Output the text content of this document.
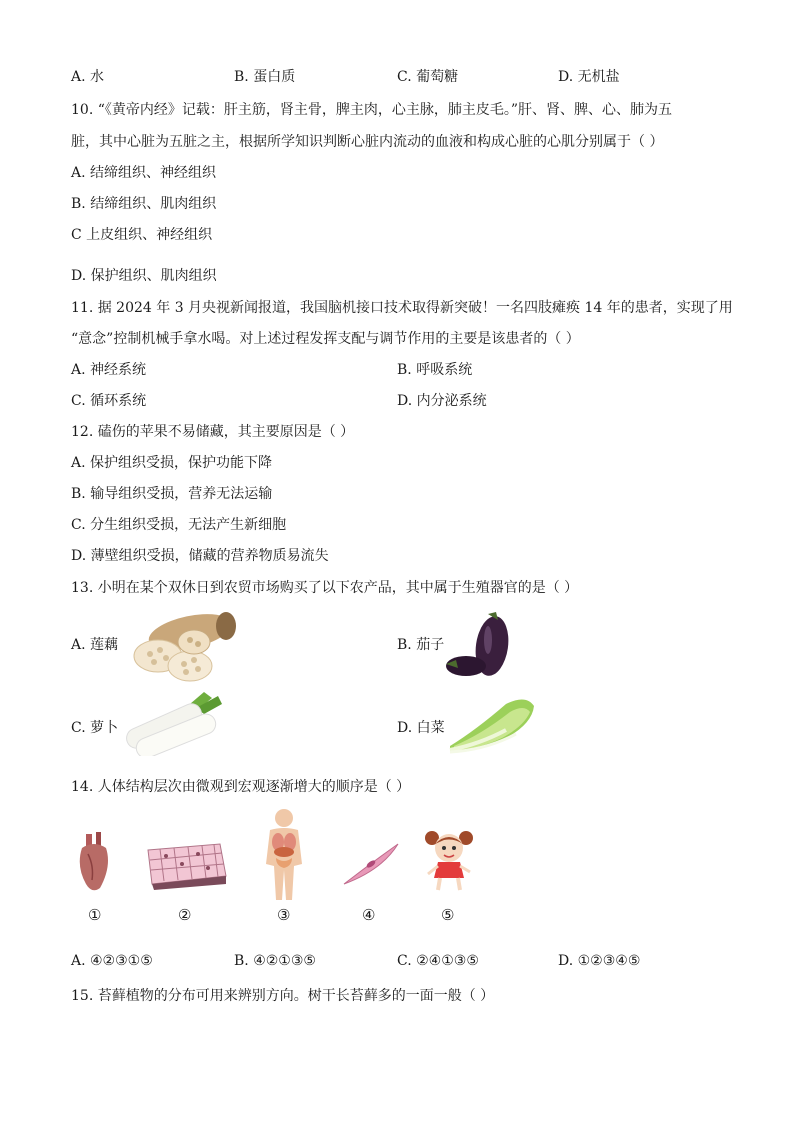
A. 水	B. 蛋白质	C. 葡萄糖	D. 无机盐
10. “《黄帝内经》记载：肝主筋，肾主骨，脾主肉，心主脉，肺主皮毛。”肝、肾、脾、心、肺为五
脏，其中心脏为五脏之主，根据所学知识判断心脏内流动的血液和构成心脏的心肌分别属于（ ）
A. 结缔组织、神经组织
B. 结缔组织、肌肉组织
C 上皮组织、神经组织
D. 保护组织、肌肉组织
11. 据 2024 年 3 月央视新闻报道，我国脑机接口技术取得新突破！一名四肢瘫痪 14 年的患者，实现了用
“意念”控制机械手拿水喝。对上述过程发挥支配与调节作用的主要是该患者的（ ）
A. 神经系统	B. 呼吸系统
C. 循环系统	D. 内分泌系统
12. 磕伤的苹果不易储藏，其主要原因是（ ）
A. 保护组织受损，保护功能下降
B. 输导组织受损，营养无法运输
C. 分生组织受损，无法产生新细胞
D. 薄壁组织受损，储藏的营养物质易流失
13. 小明在某个双休日到农贸市场购买了以下农产品，其中属于生殖器官的是（ ）
A. 莲藕	B. 茄子
C. 萝卜	D. 白菜
14. 人体结构层次由微观到宏观逐渐增大的顺序是（ ）
①	②	③	④	⑤
A. ④②③①⑤	B. ④②①③⑤	C. ②④①③⑤	D. ①②③④⑤
15. 苔藓植物的分布可用来辨别方向。树干长苔藓多的一面一般（ ）
